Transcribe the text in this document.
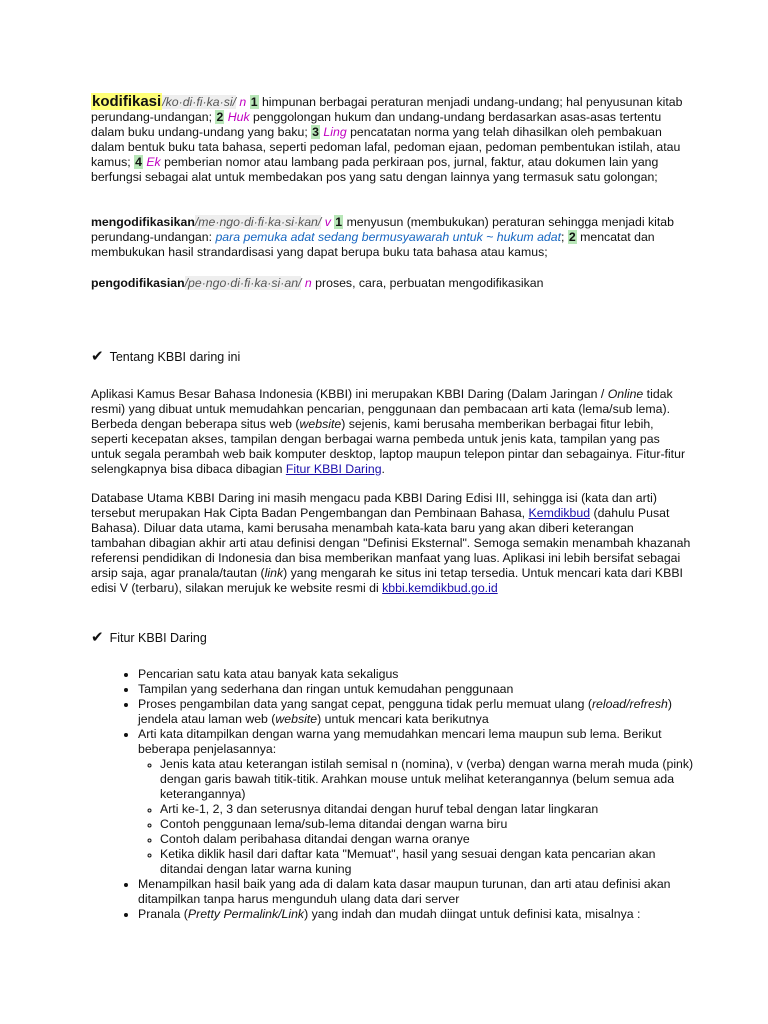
kodifikasi/ko·di·fi·ka·si/ n 1 himpunan berbagai peraturan menjadi undang-undang; hal penyusunan kitab perundang-undangan; 2 Huk penggolongan hukum dan undang-undang berdasarkan asas-asas tertentu dalam buku undang-undang yang baku; 3 Ling pencatatan norma yang telah dihasilkan oleh pembakuan dalam bentuk buku tata bahasa, seperti pedoman lafal, pedoman ejaan, pedoman pembentukan istilah, atau kamus; 4 Ek pemberian nomor atau lambang pada perkiraan pos, jurnal, faktur, atau dokumen lain yang berfungsi sebagai alat untuk membedakan pos yang satu dengan lainnya yang termasuk satu golongan;
mengodifikasikan/me·ngo·di·fi·ka·si·kan/ v 1 menyusun (membukukan) peraturan sehingga menjadi kitab perundang-undangan: para pemuka adat sedang bermusyawarah untuk ~ hukum adat; 2 mencatat dan membukukan hasil strandardisasi yang dapat berupa buku tata bahasa atau kamus;
pengodifikasian/pe·ngo·di·fi·ka·si·an/ n proses, cara, perbuatan mengodifikasikan
✔ Tentang KBBI daring ini
Aplikasi Kamus Besar Bahasa Indonesia (KBBI) ini merupakan KBBI Daring (Dalam Jaringan / Online tidak resmi) yang dibuat untuk memudahkan pencarian, penggunaan dan pembacaan arti kata (lema/sub lema). Berbeda dengan beberapa situs web (website) sejenis, kami berusaha memberikan berbagai fitur lebih, seperti kecepatan akses, tampilan dengan berbagai warna pembeda untuk jenis kata, tampilan yang pas untuk segala perambah web baik komputer desktop, laptop maupun telepon pintar dan sebagainya. Fitur-fitur selengkapnya bisa dibaca dibagian Fitur KBBI Daring.
Database Utama KBBI Daring ini masih mengacu pada KBBI Daring Edisi III, sehingga isi (kata dan arti) tersebut merupakan Hak Cipta Badan Pengembangan dan Pembinaan Bahasa, Kemdikbud (dahulu Pusat Bahasa). Diluar data utama, kami berusaha menambah kata-kata baru yang akan diberi keterangan tambahan dibagian akhir arti atau definisi dengan "Definisi Eksternal". Semoga semakin menambah khazanah referensi pendidikan di Indonesia dan bisa memberikan manfaat yang luas. Aplikasi ini lebih bersifat sebagai arsip saja, agar pranala/tautan (link) yang mengarah ke situs ini tetap tersedia. Untuk mencari kata dari KBBI edisi V (terbaru), silakan merujuk ke website resmi di kbbi.kemdikbud.go.id
✔ Fitur KBBI Daring
• Pencarian satu kata atau banyak kata sekaligus
• Tampilan yang sederhana dan ringan untuk kemudahan penggunaan
• Proses pengambilan data yang sangat cepat, pengguna tidak perlu memuat ulang (reload/refresh) jendela atau laman web (website) untuk mencari kata berikutnya
• Arti kata ditampilkan dengan warna yang memudahkan mencari lema maupun sub lema. Berikut beberapa penjelasannya:
◦ Jenis kata atau keterangan istilah semisal n (nomina), v (verba) dengan warna merah muda (pink) dengan garis bawah titik-titik. Arahkan mouse untuk melihat keterangannya (belum semua ada keterangannya)
◦ Arti ke-1, 2, 3 dan seterusnya ditandai dengan huruf tebal dengan latar lingkaran
◦ Contoh penggunaan lema/sub-lema ditandai dengan warna biru
◦ Contoh dalam peribahasa ditandai dengan warna oranye
◦ Ketika diklik hasil dari daftar kata "Memuat", hasil yang sesuai dengan kata pencarian akan ditandai dengan latar warna kuning
• Menampilkan hasil baik yang ada di dalam kata dasar maupun turunan, dan arti atau definisi akan ditampilkan tanpa harus mengunduh ulang data dari server
• Pranala (Pretty Permalink/Link) yang indah dan mudah diingat untuk definisi kata, misalnya :
